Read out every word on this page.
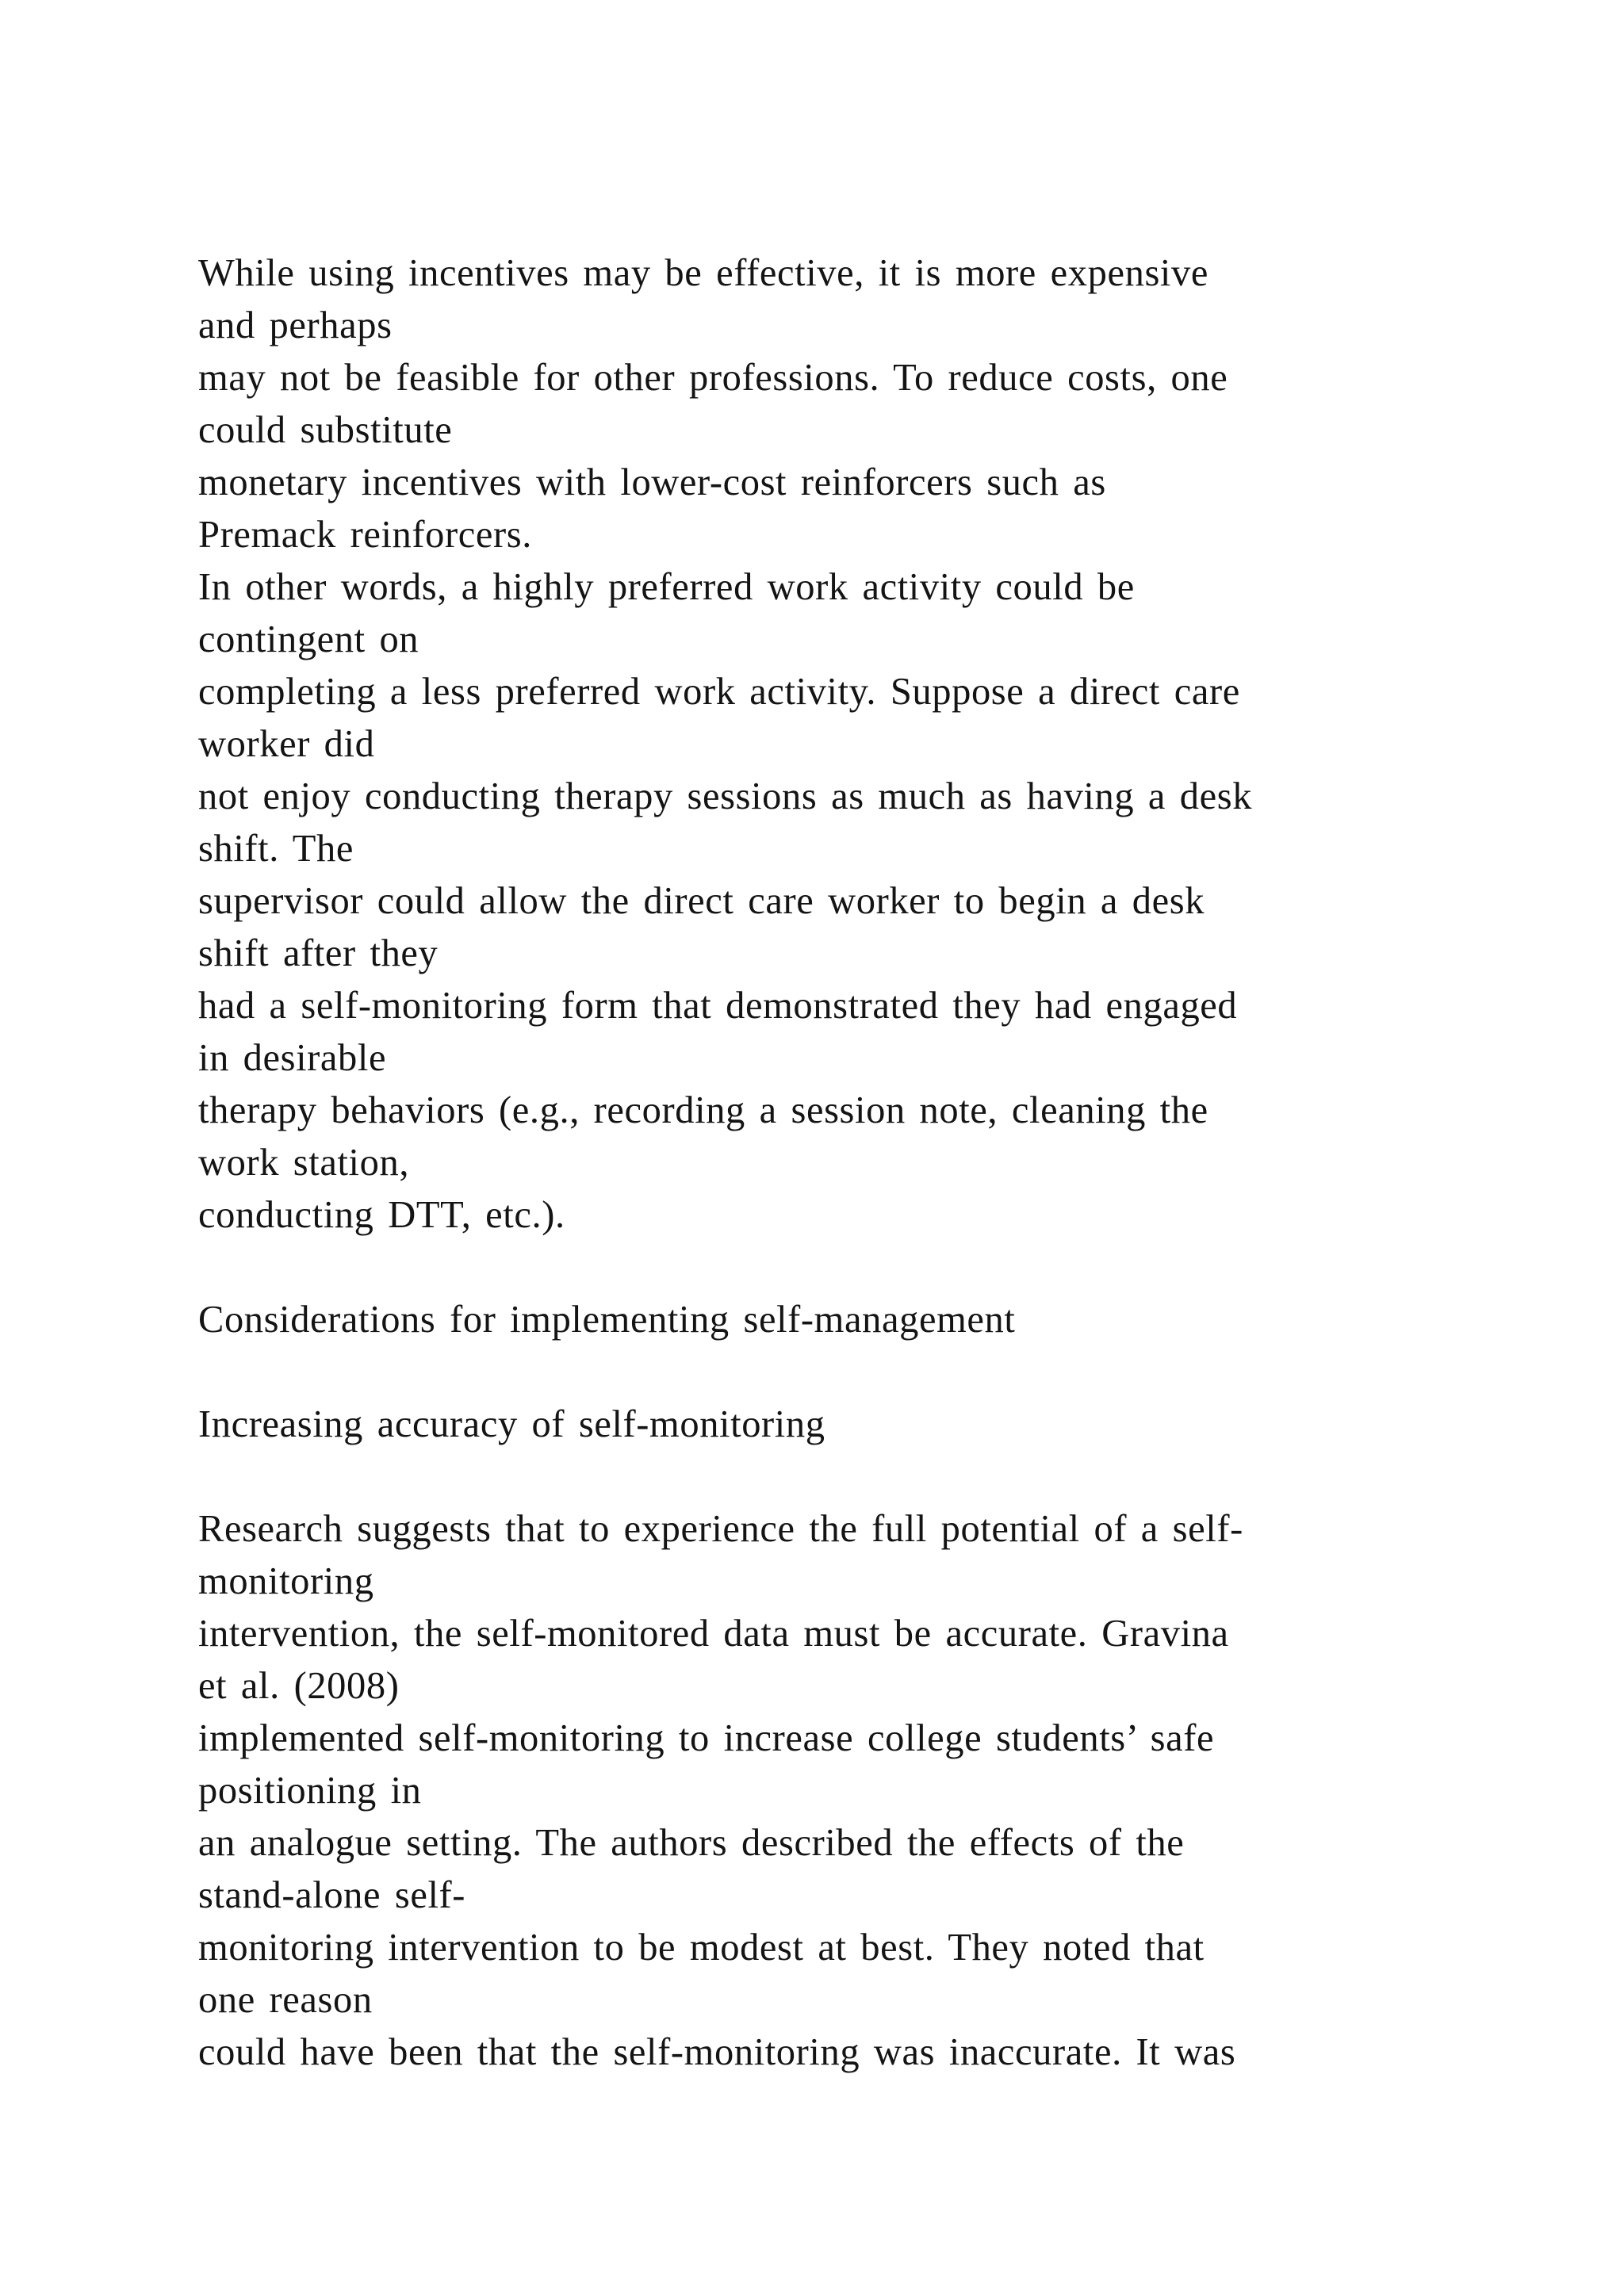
While using incentives may be effective, it is more expensive
and perhaps
may not be feasible for other professions. To reduce costs, one
could substitute
monetary incentives with lower-cost reinforcers such as
Premack reinforcers.
In other words, a highly preferred work activity could be
contingent on
completing a less preferred work activity. Suppose a direct care
worker did
not enjoy conducting therapy sessions as much as having a desk
shift. The
supervisor could allow the direct care worker to begin a desk
shift after they
had a self-monitoring form that demonstrated they had engaged
in desirable
therapy behaviors (e.g., recording a session note, cleaning the
work station,
conducting DTT, etc.).
Considerations for implementing self-management
Increasing accuracy of self-monitoring
Research suggests that to experience the full potential of a self-
monitoring
intervention, the self-monitored data must be accurate. Gravina
et al. (2008)
implemented self-monitoring to increase college students’ safe
positioning in
an analogue setting. The authors described the effects of the
stand-alone self-
monitoring intervention to be modest at best. They noted that
one reason
could have been that the self-monitoring was inaccurate. It was
